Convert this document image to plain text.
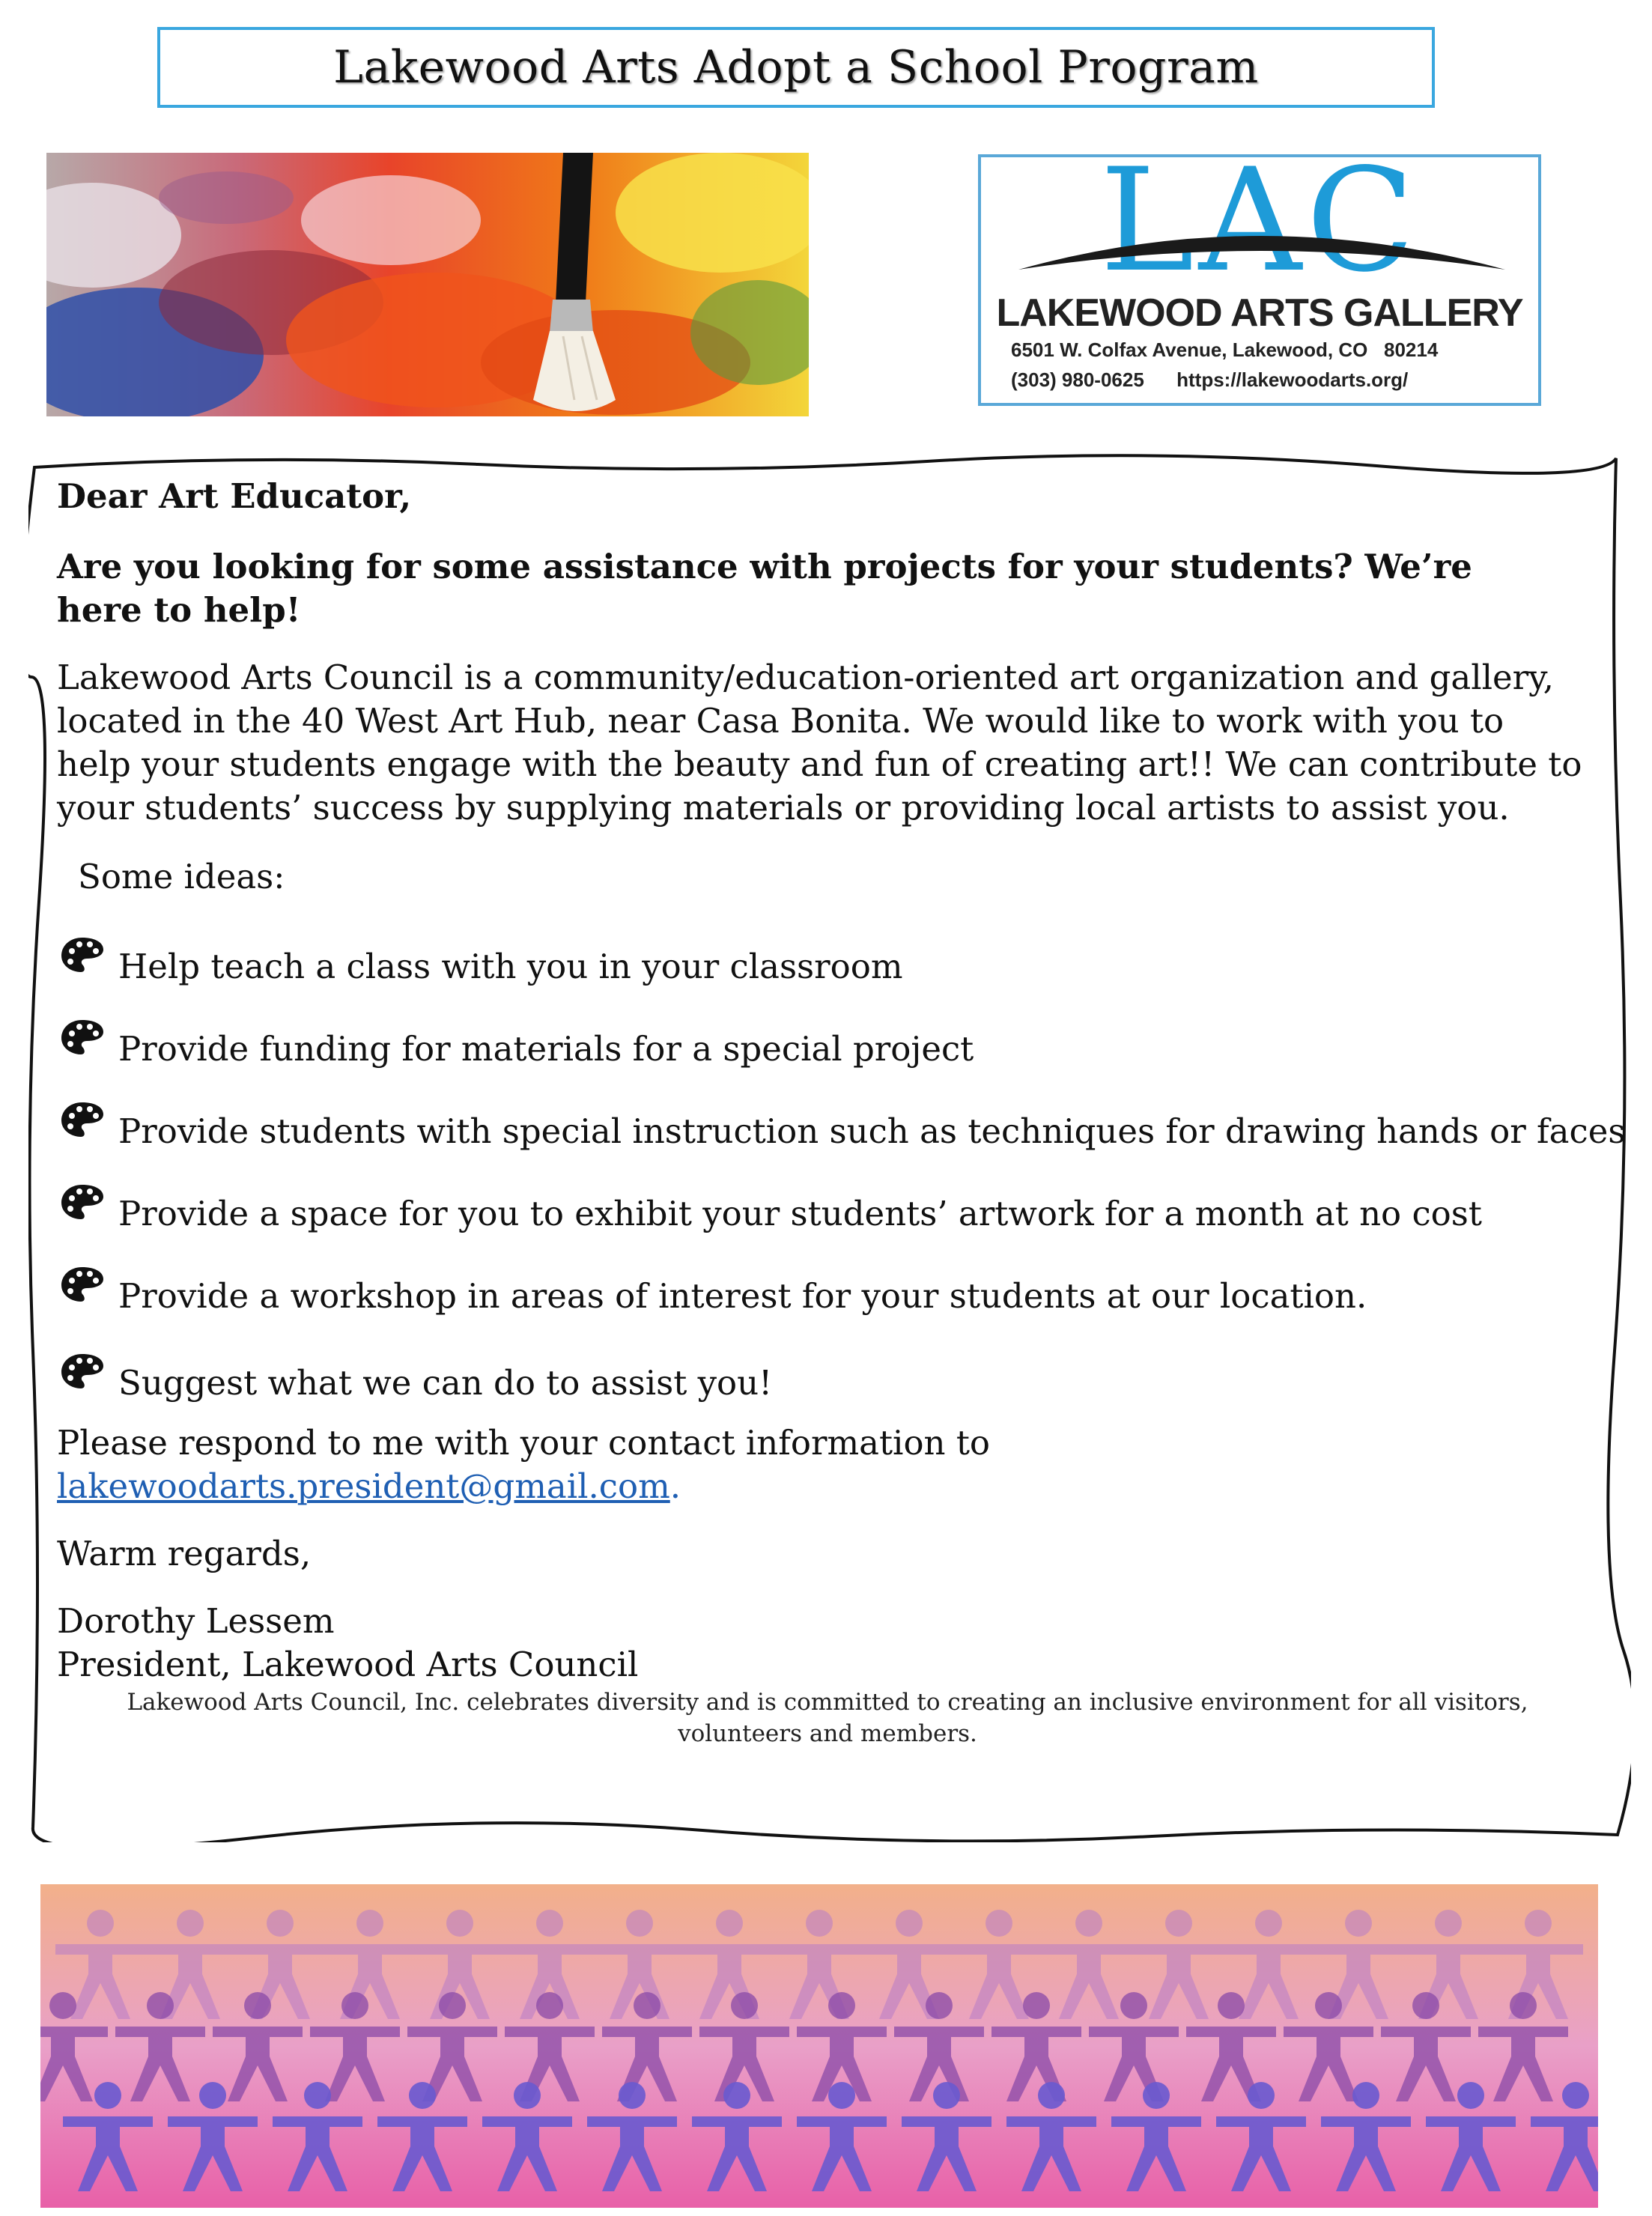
Lakewood Arts Adopt a School Program
LAC
LAKEWOOD ARTS GALLERY
6501 W. Colfax Avenue, Lakewood, CO   80214
(303) 980-0625      https://lakewoodarts.org/

Dear Art Educator,

Are you looking for some assistance with projects for your students? We’re here to help!

Lakewood Arts Council is a community/education-oriented art organization and gallery, located in the 40 West Art Hub, near Casa Bonita. We would like to work with you to help your students engage with the beauty and fun of creating art!! We can contribute to your students’ success by supplying materials or providing local artists to assist you.

Some ideas:

Help teach a class with you in your classroom
Provide funding for materials for a special project
Provide students with special instruction such as techniques for drawing hands or faces
Provide a space for you to exhibit your students’ artwork for a month at no cost
Provide a workshop in areas of interest for your students at our location.
Suggest what we can do to assist you!

Please respond to me with your contact information to lakewoodarts.president@gmail.com.

Warm regards,

Dorothy Lessem

President, Lakewood Arts Council

Lakewood Arts Council, Inc. celebrates diversity and is committed to creating an inclusive environment for all visitors, volunteers and members.
